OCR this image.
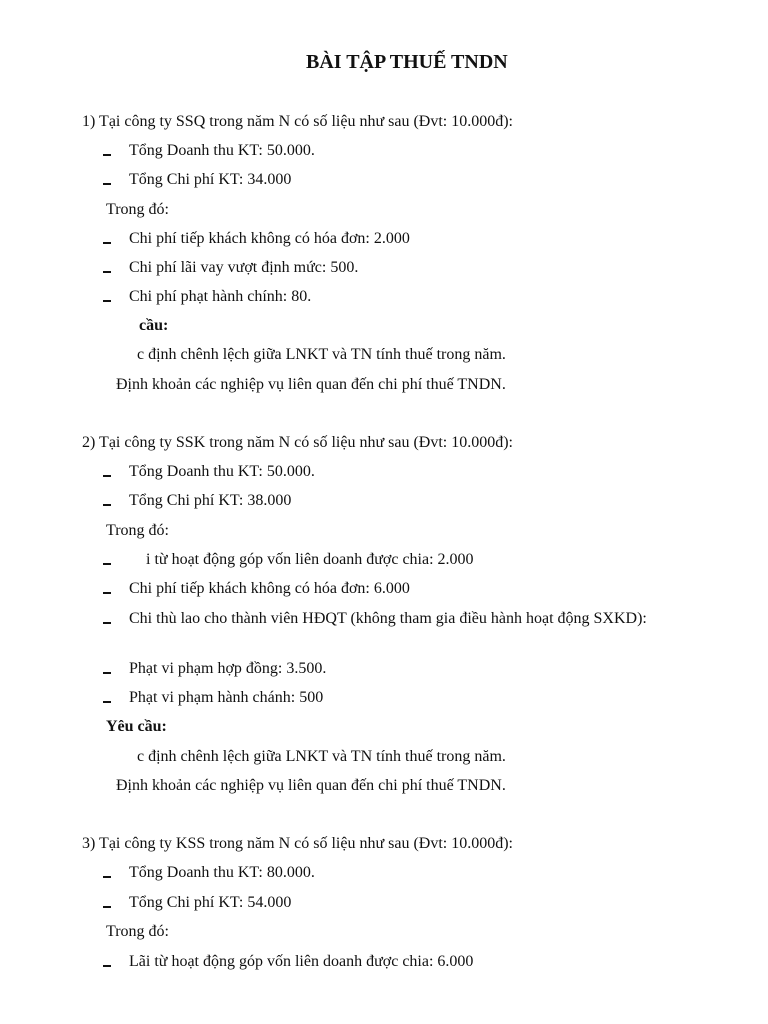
BÀI TẬP THUẾ TNDN
1) Tại công ty SSQ trong năm N có số liệu như sau (Đvt: 10.000đ):
Tổng Doanh thu KT: 50.000.
Tổng Chi phí KT: 34.000
Trong đó:
Chi phí tiếp khách không có hóa đơn: 2.000
Chi phí lãi vay vượt định mức: 500.
Chi phí phạt hành chính: 80.
cầu:
c định chênh lệch giữa LNKT và TN tính thuế trong năm.
Định khoản các nghiệp vụ liên quan đến chi phí thuế TNDN.
2) Tại công ty SSK trong năm N có số liệu như sau (Đvt: 10.000đ):
Tổng Doanh thu KT: 50.000.
Tổng Chi phí KT: 38.000
Trong đó:
i từ hoạt động góp vốn liên doanh được chia: 2.000
Chi phí tiếp khách không có hóa đơn: 6.000
Chi thù lao cho thành viên HĐQT (không tham gia điều hành hoạt động SXKD):
Phạt vi phạm hợp đồng: 3.500.
Phạt vi phạm hành chánh: 500
Yêu cầu:
c định chênh lệch giữa LNKT và TN tính thuế trong năm.
Định khoản các nghiệp vụ liên quan đến chi phí thuế TNDN.
3) Tại công ty KSS trong năm N có số liệu như sau (Đvt: 10.000đ):
Tổng Doanh thu KT: 80.000.
Tổng Chi phí KT: 54.000
Trong đó:
Lãi từ hoạt động góp vốn liên doanh được chia: 6.000
